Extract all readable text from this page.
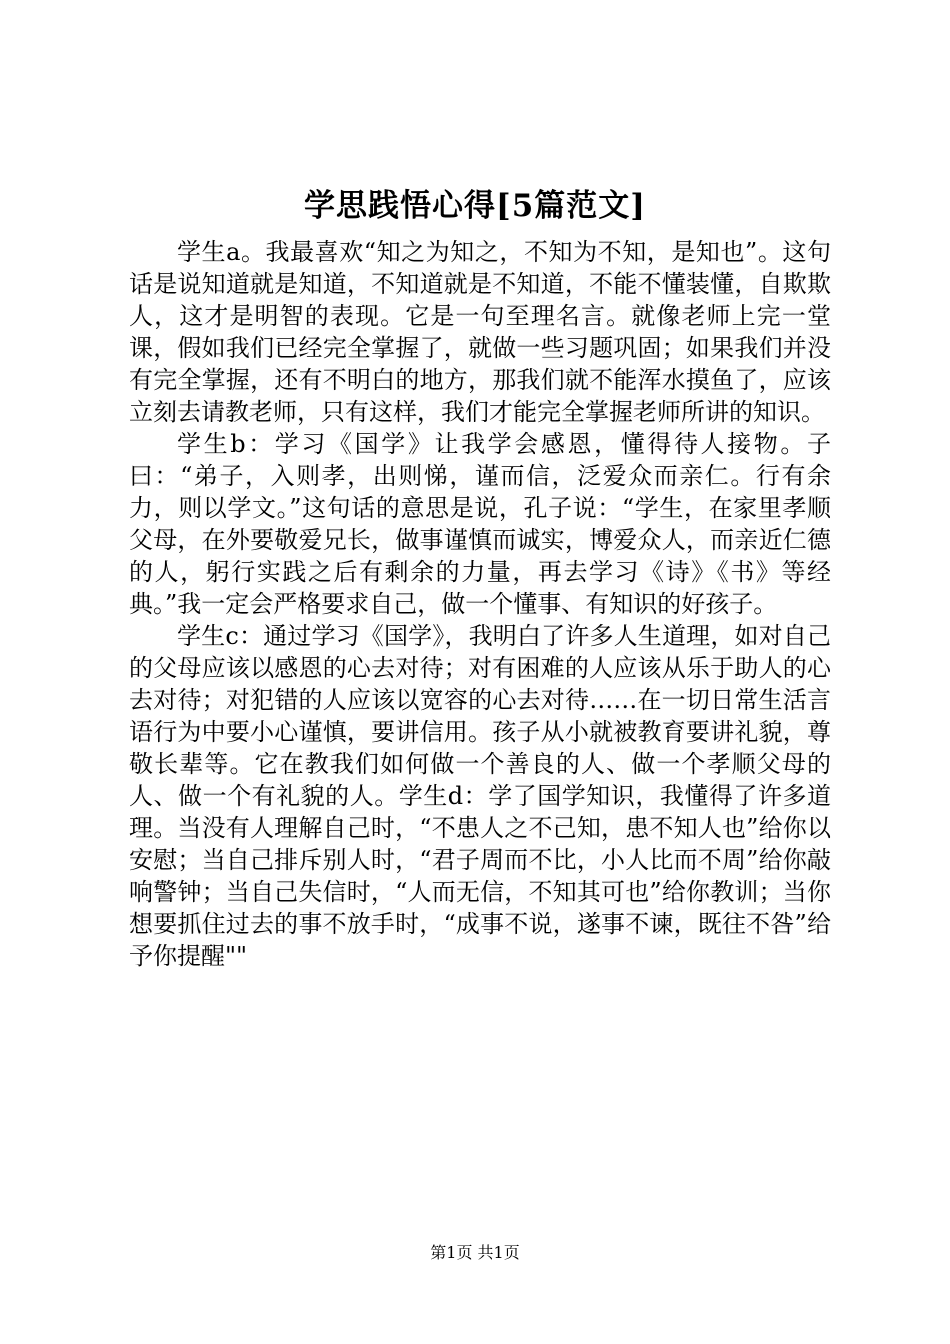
学思践悟心得[5篇范文]

学生a。我最喜欢“知之为知之，不知为不知，是知也”。这句话是说知道就是知道，不知道就是不知道，不能不懂装懂，自欺欺人，这才是明智的表现。它是一句至理名言。就像老师上完一堂课，假如我们已经完全掌握了，就做一些习题巩固；如果我们并没有完全掌握，还有不明白的地方，那我们就不能浑水摸鱼了，应该立刻去请教老师，只有这样，我们才能完全掌握老师所讲的知识。

学生b：学习《国学》让我学会感恩，懂得待人接物。子曰：“弟子，入则孝，出则悌，谨而信，泛爱众而亲仁。行有余力，则以学文。”这句话的意思是说，孔子说：“学生，在家里孝顺父母，在外要敬爱兄长，做事谨慎而诚实，博爱众人，而亲近仁德的人，躬行实践之后有剩余的力量，再去学习《诗》《书》等经典。”我一定会严格要求自己，做一个懂事、有知识的好孩子。

学生c：通过学习《国学》，我明白了许多人生道理，如对自己的父母应该以感恩的心去对待；对有困难的人应该从乐于助人的心去对待；对犯错的人应该以宽容的心去对待……在一切日常生活言语行为中要小心谨慎，要讲信用。孩子从小就被教育要讲礼貌，尊敬长辈等。它在教我们如何做一个善良的人、做一个孝顺父母的人、做一个有礼貌的人。学生d：学了国学知识，我懂得了许多道理。当没有人理解自己时，“不患人之不己知，患不知人也”给你以安慰；当自己排斥别人时，“君子周而不比，小人比而不周”给你敲响警钟；当自己失信时，“人而无信，不知其可也”给你教训；当你想要抓住过去的事不放手时，“成事不说，遂事不谏，既往不咎”给予你提醒""

第1页 共1页
